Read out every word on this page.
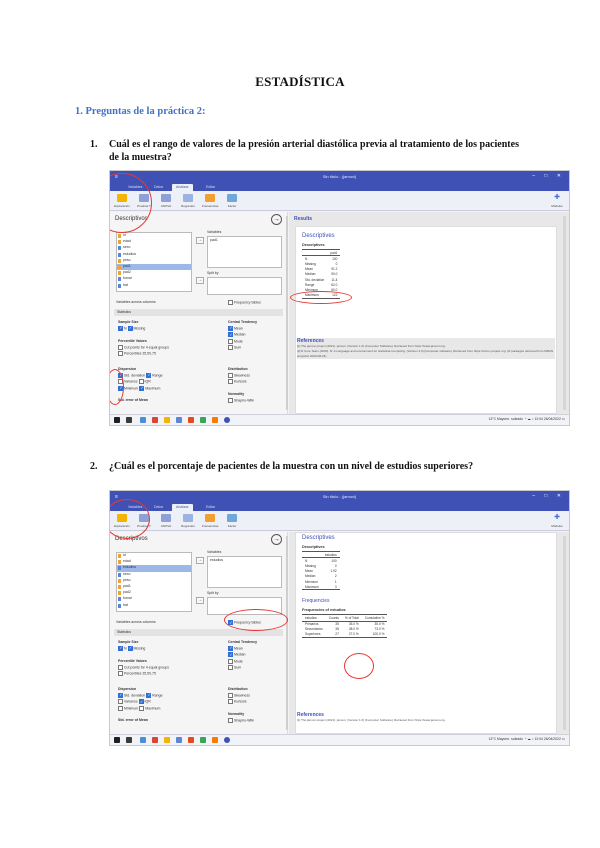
ESTADÍSTICA
1. Preguntas de la práctica 2:
1. Cuál es el rango de valores de la presión arterial diastólica previa al tratamiento de los pacientes de la muestra?
≡	Sin título - (jamovi)	– □ ✕
Variables	Datos	Analizar	Editar
Exploración	Pruebas T	ANOVA	Regresión	Frecuencias	Factor
✚
Módulos
Descriptivos	→
id
edad
sexo
estudios
peso
pad1
pad2
fumar
trat
→
Variables
pad1
→
Split by
Variables across columns	Frequency tables
Statistics
Sample Size
✓N ✓ Missing
Percentile Values
Cut points for 4 equal groups
Percentiles 25,50,75
Dispersion
✓Std. deviation ✓ Range
Variance IQR
✓Minimum ✓ Maximum
Std. error of Mean
Central Tendency
✓Mean
✓Median
Mode
Sum
Distribution
Skewness
Kurtosis
Normality
Shapiro-Wilk
Results
Descriptives
Descriptives
	pad1
N	100
Missing	0
Mean	91.2
Median	90.0
Std. deviation	11.4
Range	62.0
Minimum	60.0
Maximum	122
References
[1] The jamovi project (2021). jamovi. (Version 1.6) [Computer Software]. Retrieved from https://www.jamovi.org.
[2] R Core Team (2020). R: A Language and environment for statistical computing. (Version 4.0) [Computer software]. Retrieved from https://cran.r-project.org. (R packages retrieved from MRAN snapshot 2020-08-24).
13°C Mayorm. soleado  ^ ☁ ♪ 12:04 26/04/2022 ▭
2. ¿Cuál es el porcentaje de pacientes de la muestra con un nivel de estudios superiores?
≡	Sin título - (jamovi)	– □ ✕
Variables	Datos	Analizar	Editar
Exploración	Pruebas T	ANOVA	Regresión	Frecuencias	Factor
✚
Módulos
Descriptivos	→
id
edad
estudios
sexo
peso
pad1
pad2
fumar
trat
→
Variables
estudios
→
Split by
Variables across columns ✓	Frequency tables
Statistics
Sample Size
✓N ✓ Missing
Percentile Values
Cut points for 4 equal groups
Percentiles 25,50,75
Dispersion
✓Std. deviation ✓ Range
Variance ✓ IQR
Minimum Maximum
Std. error of Mean
Central Tendency
✓Mean
✓Median
Mode
Sum
Distribution
Skewness
Kurtosis
Normality
Shapiro-Wilk
Descriptives
Descriptives
	estudios
N	100
Missing	0
Mean	1.92
Median	2
Minimum	1
Maximum	3
Frequencies
Frequencies of estudios
estudios	Counts	% of Total	Cumulative %
Primarios	35	35.0 %	35.0 %
Secundarios	38	38.0 %	73.0 %
Superiores	27	27.0 %	100.0 %
References
[1] The jamovi project (2021). jamovi. (Version 1.6) [Computer Software]. Retrieved from https://www.jamovi.org.
13°C Mayorm. soleado  ^ ☁ ♪ 12:04 26/04/2022 ▭
